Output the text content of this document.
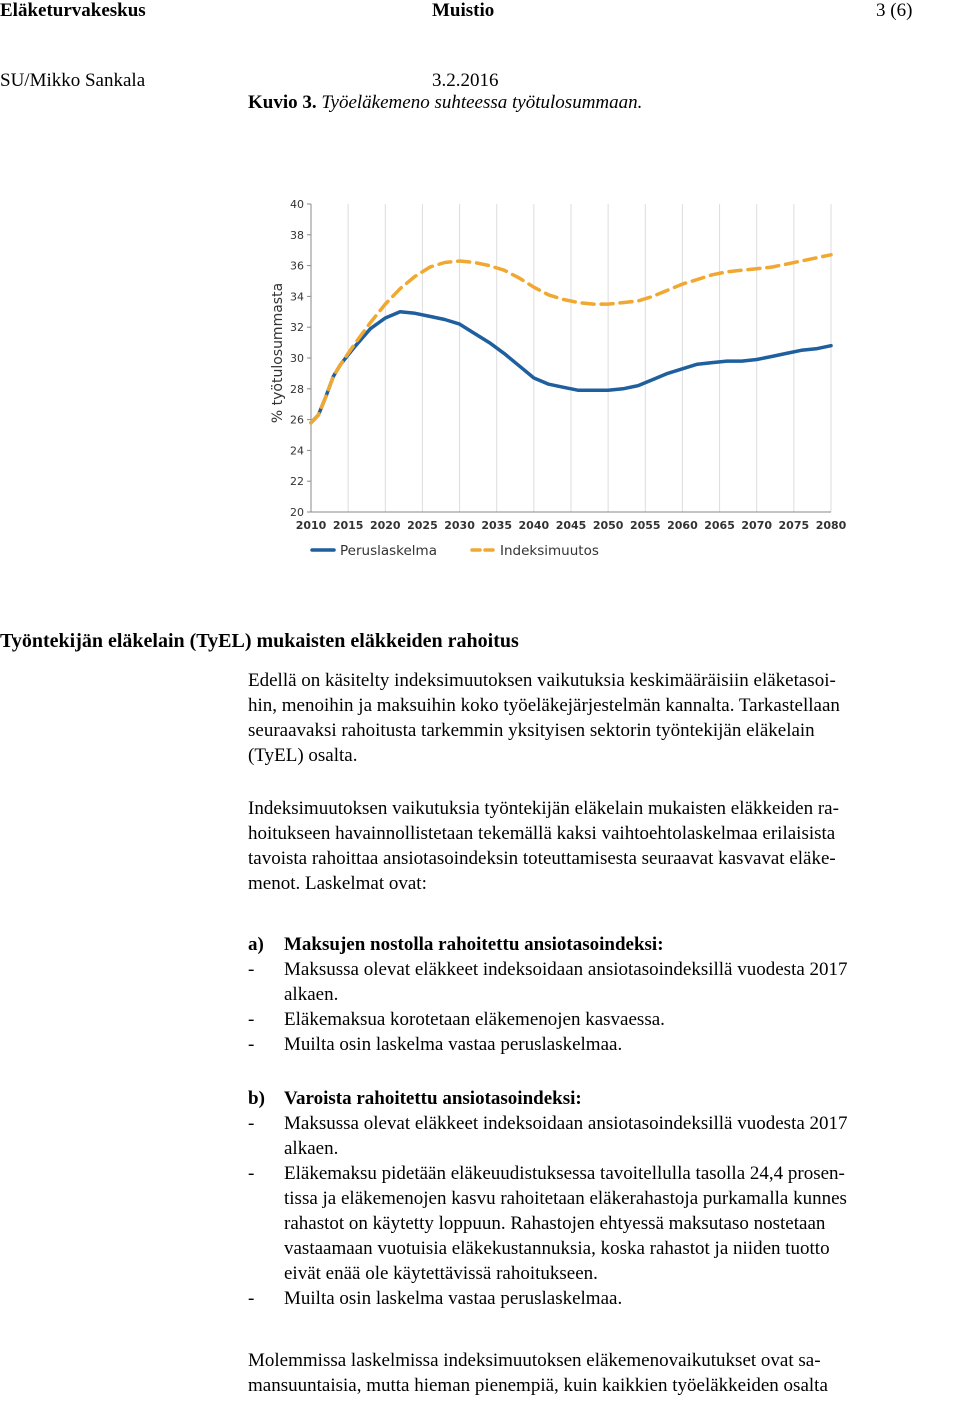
Eläketurvakeskus	Muistio	3 (6)
SU/Mikko Sankala	3.2.2016
Kuvio 3. Työeläkemeno suhteessa työtulosummaan.
20
22
24
26
28
30
32
34
36
38
40
2010 2015 2020 2025 2030 2035 2040 2045 2050 2055 2060 2065 2070 2075 2080
% työtulosummasta
Peruslaskelma	Indeksimuutos
Työntekijän eläkelain (TyEL) mukaisten eläkkeiden rahoitus
Edellä on käsitelty indeksimuutoksen vaikutuksia keskimääräisiin eläketasoi-
hin, menoihin ja maksuihin koko työeläkejärjestelmän kannalta. Tarkastellaan
seuraavaksi rahoitusta tarkemmin yksityisen sektorin työntekijän eläkelain
(TyEL) osalta.
Indeksimuutoksen vaikutuksia työntekijän eläkelain mukaisten eläkkeiden ra-
hoitukseen havainnollistetaan tekemällä kaksi vaihtoehtolaskelmaa erilaisista
tavoista rahoittaa ansiotasoindeksin toteuttamisesta seuraavat kasvavat eläke-
menot. Laskelmat ovat:
a) Maksujen nostolla rahoitettu ansiotasoindeksi:
-	Maksussa olevat eläkkeet indeksoidaan ansiotasoindeksillä vuodesta 2017
alkaen.
-	Eläkemaksua korotetaan eläkemenojen kasvaessa.
-	Muilta osin laskelma vastaa peruslaskelmaa.
b) Varoista rahoitettu ansiotasoindeksi:
-	Maksussa olevat eläkkeet indeksoidaan ansiotasoindeksillä vuodesta 2017
alkaen.
-	Eläkemaksu pidetään eläkeuudistuksessa tavoitellulla tasolla 24,4 prosen-
tissa ja eläkemenojen kasvu rahoitetaan eläkerahastoja purkamalla kunnes
rahastot on käytetty loppuun. Rahastojen ehtyessä maksutaso nostetaan
vastaamaan vuotuisia eläkekustannuksia, koska rahastot ja niiden tuotto
eivät enää ole käytettävissä rahoitukseen.
-	Muilta osin laskelma vastaa peruslaskelmaa.
Molemmissa laskelmissa indeksimuutoksen eläkemenovaikutukset ovat sa-
mansuuntaisia, mutta hieman pienempiä, kuin kaikkien työeläkkeiden osalta
